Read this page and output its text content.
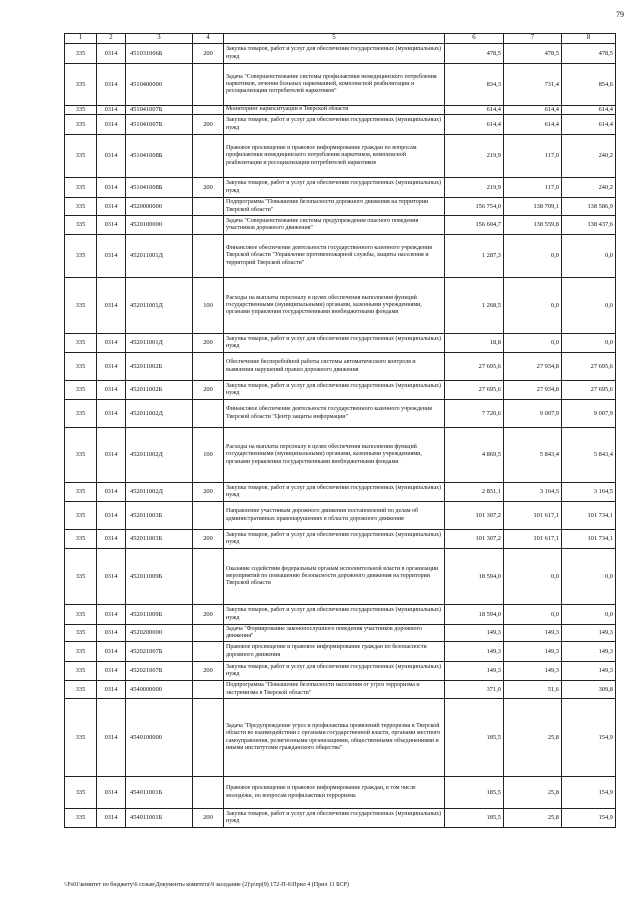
79
1	2	3	4	5	6	7	8
335	0314	451031006Б	200	Закупка товаров, работ и услуг для обеспечения государственных (муниципальных) нужд	478,5	478,5	478,5
335	0314	4510400000		Задача "Совершенствование системы профилактики немедицинского потребления наркотиков, лечения больных наркоманией, комплексной реабилитации и ресоциализации потребителей наркотиков"	834,3	731,4	854,6
335	0314	451041007Б		Мониторинг наркоситуации в Тверской области	614,4	614,4	614,4
335	0314	451041007Б	200	Закупка товаров, работ и услуг для обеспечения государственных (муниципальных) нужд	614,4	614,4	614,4
335	0314	451041008Б		Правовое просвещение и правовое информирование граждан по вопросам профилактики немедицинского потребления наркотиков, комплексной реабилитации и ресоциализации потребителей наркотиков	219,9	117,0	240,2
335	0314	451041008Б	200	Закупка товаров, работ и услуг для обеспечения государственных (муниципальных) нужд	219,9	117,0	240,2
335	0314	4520000000		Подпрограмма "Повышение безопасности дорожного движения на территории Тверской области"	156 754,0	138 709,1	138 586,9
335	0314	4520100000		Задача "Совершенствование системы предупреждения опасного поведения участников дорожного движения"	156 604,7	138 559,8	138 437,6
335	0314	452011001Д		Финансовое обеспечение деятельности государственного казенного учреждения Тверской области "Управление противопожарной службы, защиты населения и территорий Тверской области"	1 287,3	0,0	0,0
335	0314	452011001Д	100	Расходы на выплаты персоналу в целях обеспечения выполнения функций государственными (муниципальными) органами, казенными учреждениями, органами управления государственными внебюджетными фондами	1 268,5	0,0	0,0
335	0314	452011001Д	200	Закупка товаров, работ и услуг для обеспечения государственных (муниципальных) нужд	18,8	0,0	0,0
335	0314	452011002Б		Обеспечение бесперебойной работы системы автоматического контроля и выявления нарушений правил дорожного движения	27 695,6	27 934,8	27 695,6
335	0314	452011002Б	200	Закупка товаров, работ и услуг для обеспечения государственных (муниципальных) нужд	27 695,6	27 934,8	27 695,6
335	0314	452011002Д		Финансовое обеспечение деятельности государственного казенного учреждения Тверской области "Центр защиты информации"	7 720,6	9 007,9	9 007,9
335	0314	452011002Д	100	Расходы на выплаты персоналу в целях обеспечения выполнения функций государственными (муниципальными) органами, казенными учреждениями, органами управления государственными внебюджетными фондами	4 869,5	5 843,4	5 843,4
335	0314	452011002Д	200	Закупка товаров, работ и услуг для обеспечения государственных (муниципальных) нужд	2 851,1	3 164,5	3 164,5
335	0314	452011003Б		Направление участникам дорожного движения постановлений по делам об административных правонарушениях в области дорожного движения	101 307,2	101 617,1	101 734,1
335	0314	452011003Б	200	Закупка товаров, работ и услуг для обеспечения государственных (муниципальных) нужд	101 307,2	101 617,1	101 734,1
335	0314	452011009Б		Оказание содействия федеральным органам исполнительной власти в организации мероприятий по повышению безопасности дорожного движения на территории Тверской области	18 594,0	0,0	0,0
335	0314	452011009Б	200	Закупка товаров, работ и услуг для обеспечения государственных (муниципальных) нужд	18 594,0	0,0	0,0
335	0314	4520200000		Задача "Формирование законопослушного поведения участников дорожного движения"	149,3	149,3	149,3
335	0314	452021007Б		Правовое просвещение и правовое информирование граждан по безопасности дорожного движения	149,3	149,3	149,3
335	0314	452021007Б	200	Закупка товаров, работ и услуг для обеспечения государственных (муниципальных) нужд	149,3	149,3	149,3
335	0314	4540000000		Подпрограмма "Повышение безопасности населения от угроз терроризма и экстремизма в Тверской области"	371,0	51,6	309,8
335	0314	4540100000		Задача "Предупреждение угроз и профилактика проявлений терроризма в Тверской области во взаимодействии с органами государственной власти, органами местного самоуправления, религиозными организациями, общественными объединениями и иными институтами гражданского общества"	185,5	25,8	154,9
335	0314	454011001Б		Правовое просвещение и правовое информирование граждан, в том числе молодежи, по вопросам профилактики терроризма	185,5	25,8	154,9
335	0314	454011001Б	200	Закупка товаров, работ и услуг для обеспечения государственных (муниципальных) нужд	185,5	25,8	154,9
\\Fs01\комитет по бюджету\6 созыв\Документы комитета\9 заседание (2)\р\пр(9) 172-П-6\Прил 4 (Прил 11 БСР)
